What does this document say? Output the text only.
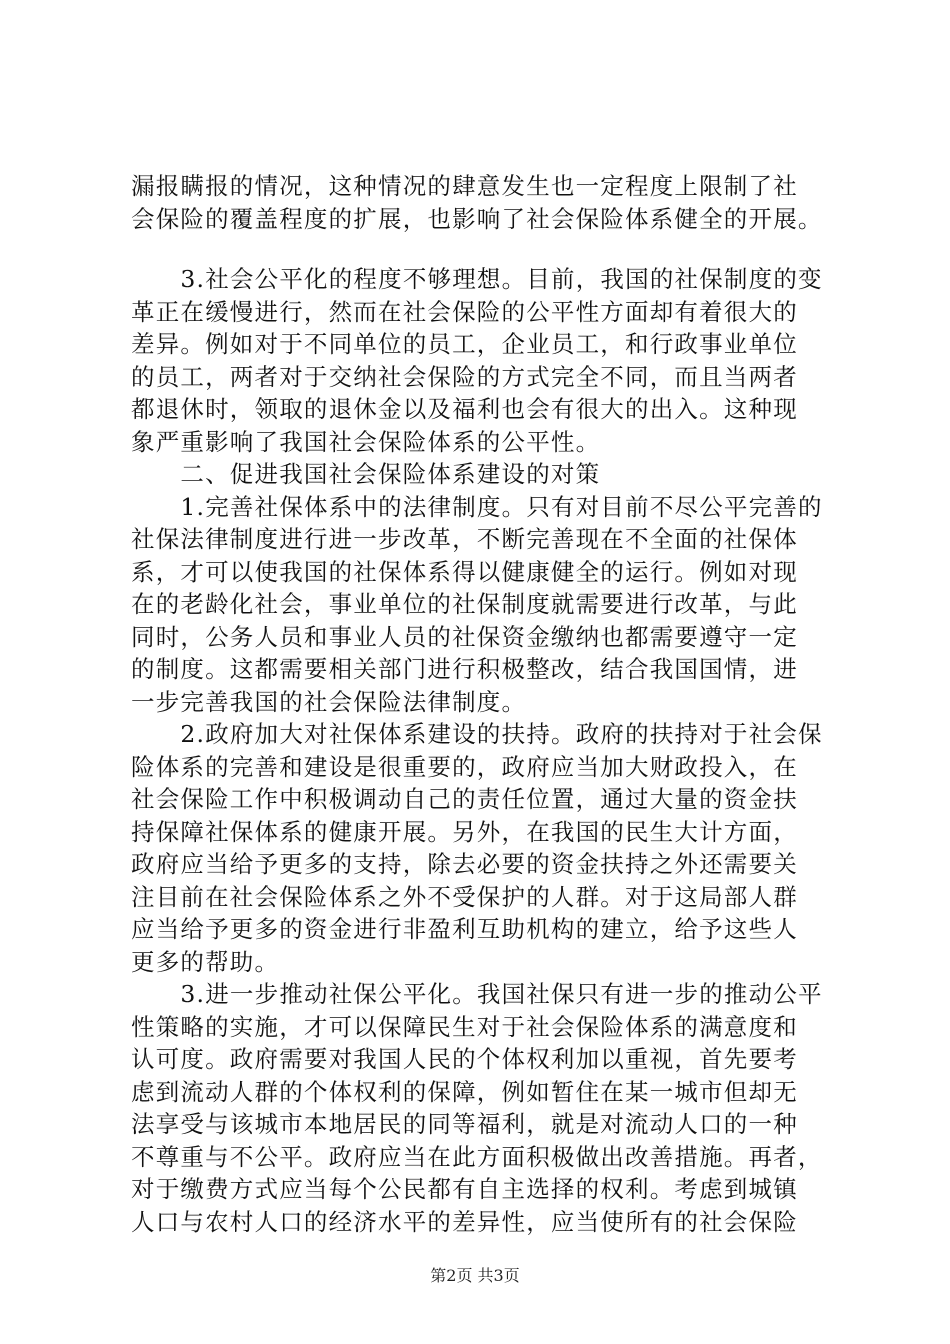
漏报瞒报的情况，这种情况的肆意发生也一定程度上限制了社
会保险的覆盖程度的扩展，也影响了社会保险体系健全的开展。
　　3.社会公平化的程度不够理想。目前，我国的社保制度的变
革正在缓慢进行，然而在社会保险的公平性方面却有着很大的
差异。例如对于不同单位的员工，企业员工，和行政事业单位
的员工，两者对于交纳社会保险的方式完全不同，而且当两者
都退休时，领取的退休金以及福利也会有很大的出入。这种现
象严重影响了我国社会保险体系的公平性。
　　二、促进我国社会保险体系建设的对策
　　1.完善社保体系中的法律制度。只有对目前不尽公平完善的
社保法律制度进行进一步改革，不断完善现在不全面的社保体
系，才可以使我国的社保体系得以健康健全的运行。例如对现
在的老龄化社会，事业单位的社保制度就需要进行改革，与此
同时，公务人员和事业人员的社保资金缴纳也都需要遵守一定
的制度。这都需要相关部门进行积极整改，结合我国国情，进
一步完善我国的社会保险法律制度。
　　2.政府加大对社保体系建设的扶持。政府的扶持对于社会保
险体系的完善和建设是很重要的，政府应当加大财政投入，在
社会保险工作中积极调动自己的责任位置，通过大量的资金扶
持保障社保体系的健康开展。另外，在我国的民生大计方面，
政府应当给予更多的支持，除去必要的资金扶持之外还需要关
注目前在社会保险体系之外不受保护的人群。对于这局部人群
应当给予更多的资金进行非盈利互助机构的建立，给予这些人
更多的帮助。
　　3.进一步推动社保公平化。我国社保只有进一步的推动公平
性策略的实施，才可以保障民生对于社会保险体系的满意度和
认可度。政府需要对我国人民的个体权利加以重视，首先要考
虑到流动人群的个体权利的保障，例如暂住在某一城市但却无
法享受与该城市本地居民的同等福利，就是对流动人口的一种
不尊重与不公平。政府应当在此方面积极做出改善措施。再者，
对于缴费方式应当每个公民都有自主选择的权利。考虑到城镇
人口与农村人口的经济水平的差异性，应当使所有的社会保险
第2页 共3页
